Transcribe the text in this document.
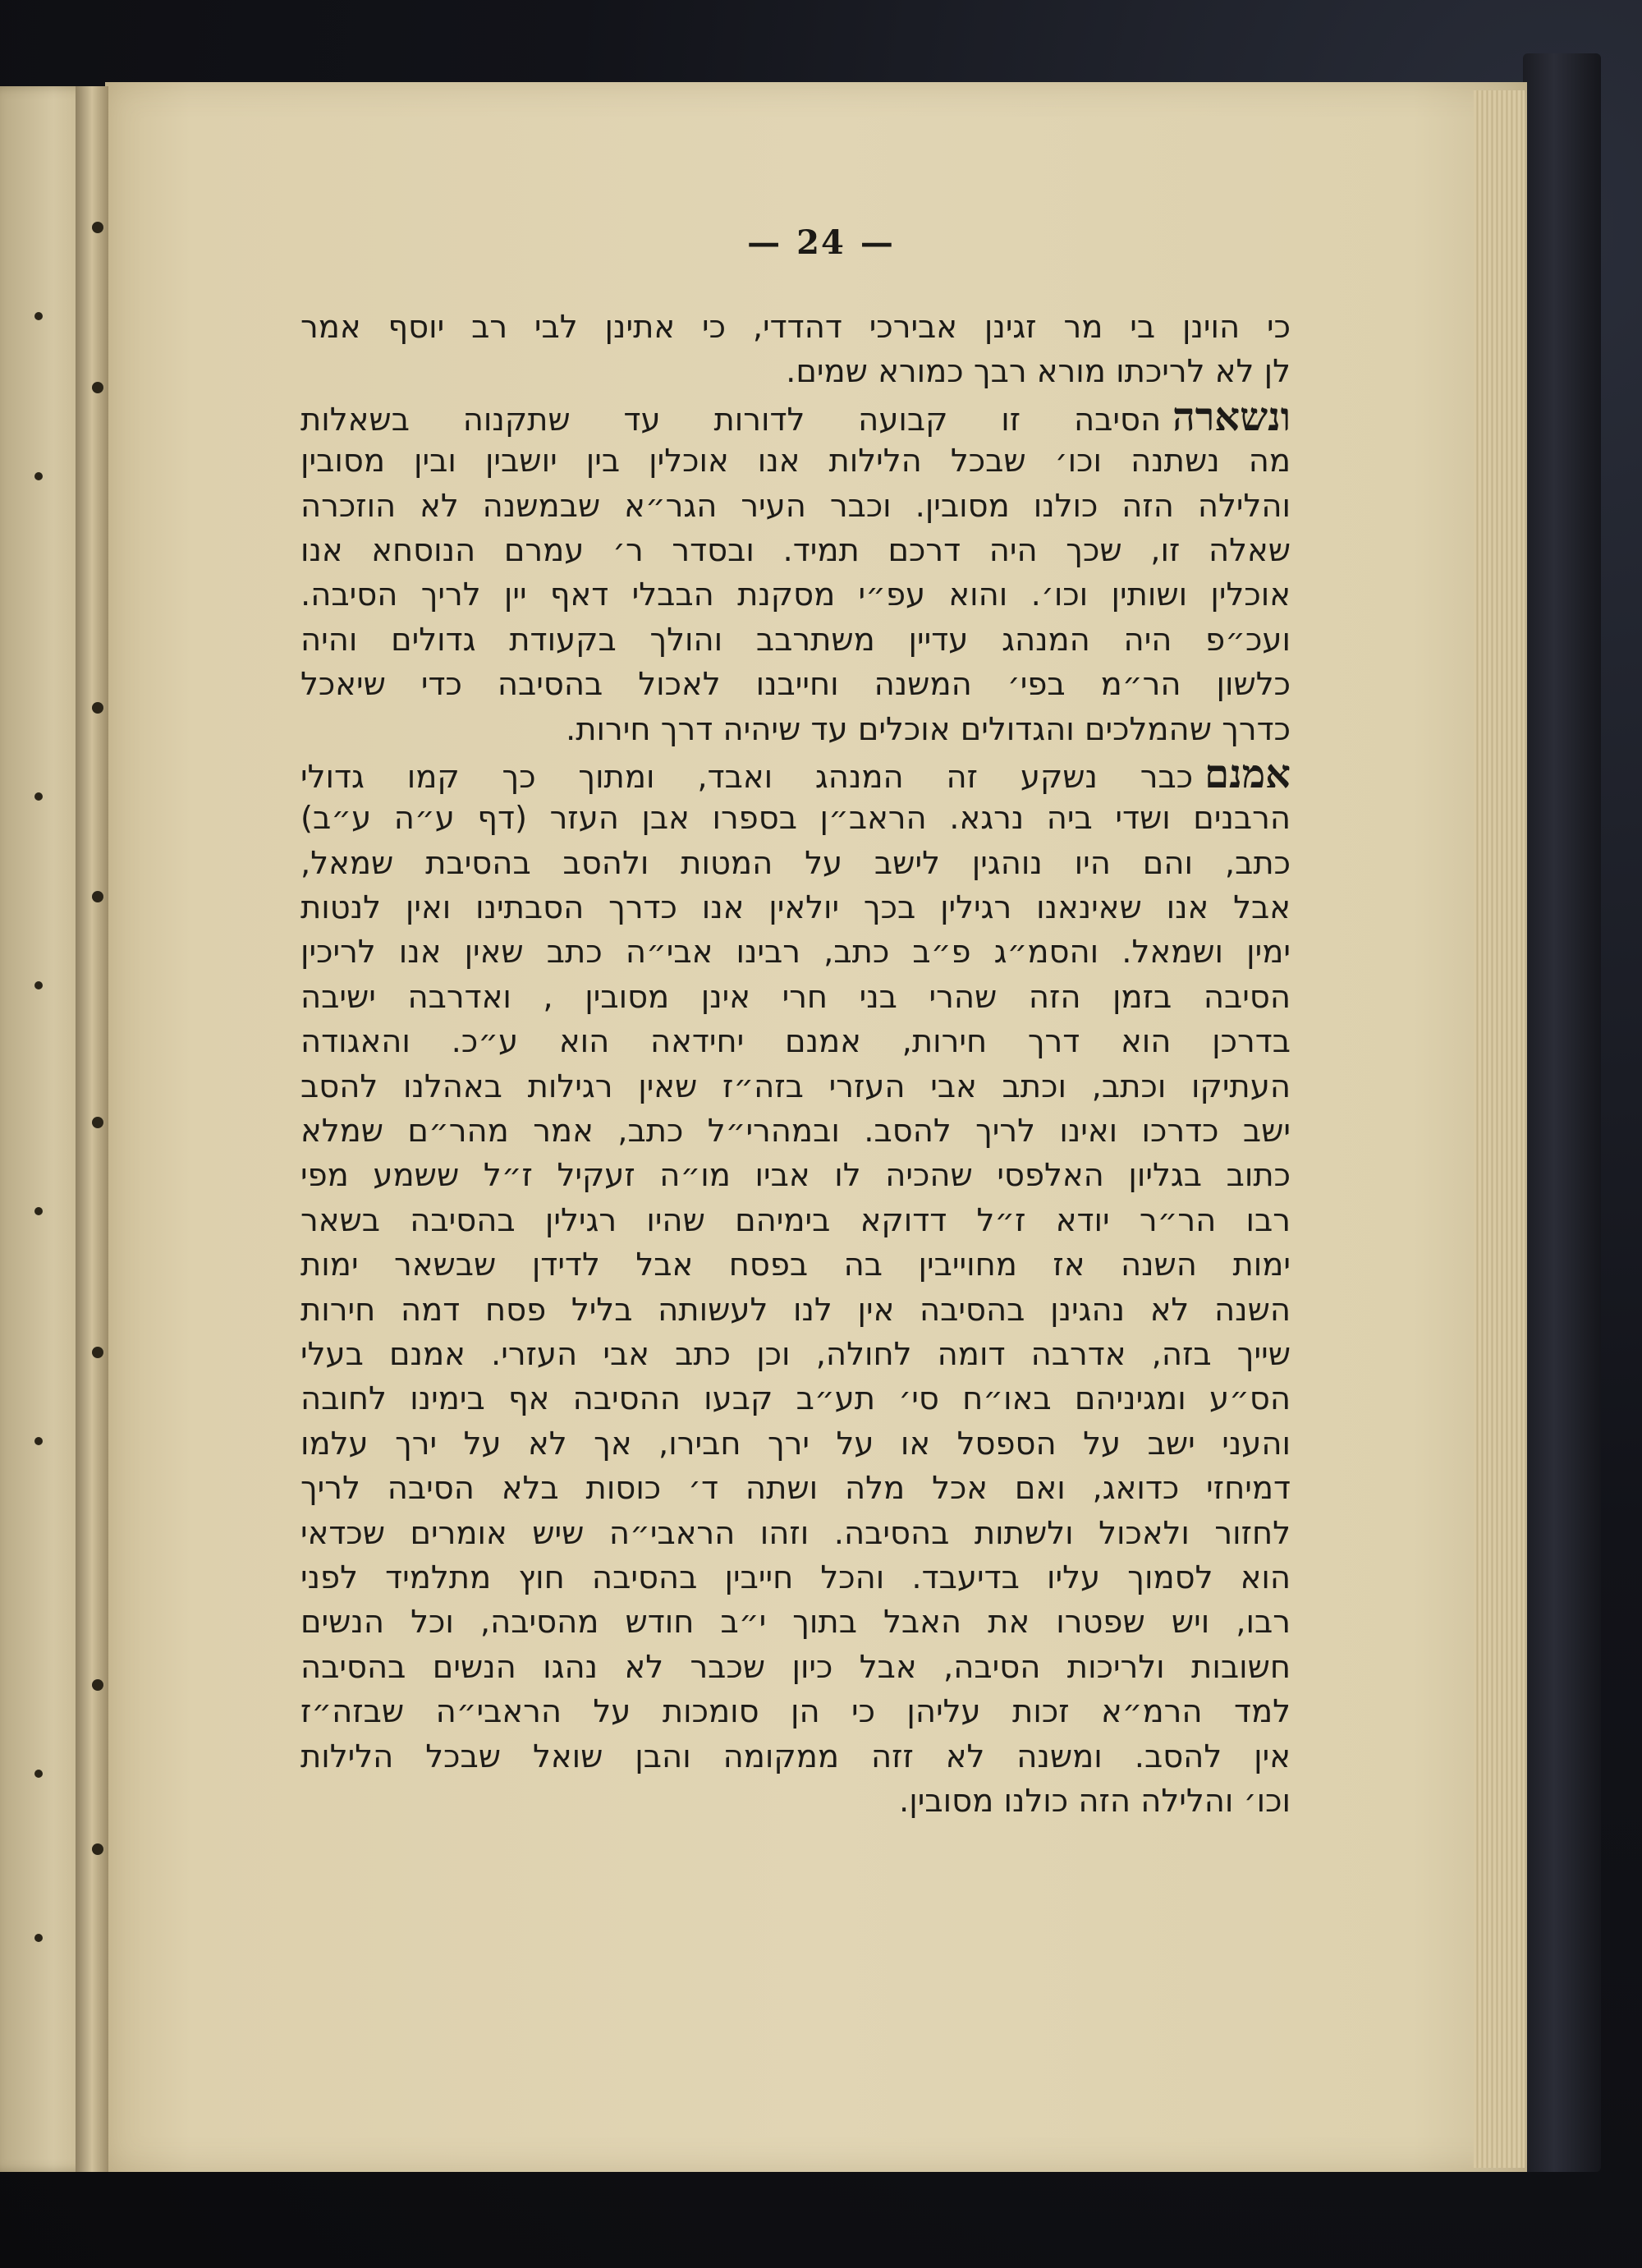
— 24 —
כי הוינן בי מר זגינן אבירכי דהדדי, כי אתינן לבי רב יוסף אמר
לן לא לריכתו מורא רבך כמורא שמים.
ונשארההסיבה זו קבועה לדורות עד שתקנוה בשאלות
מה נשתנה וכו׳ שבכל הלילות אנו אוכלין בין יושבין ובין מסובין
והלילה הזה כולנו מסובין. וכבר העיר הגר״א שבמשנה לא הוזכרה
שאלה זו, שכך היה דרכם תמיד. ובסדר ר׳ עמרם הנוסחא אנו
אוכלין ושותין וכו׳. והוא עפ״י מסקנת הבבלי דאף יין לריך הסיבה.
ועכ״פ היה המנהג עדיין משתרבב והולך בקעודת גדולים והיה
כלשון הר״מ בפי׳ המשנה וחייבנו לאכול בהסיבה כדי שיאכל
כדרך שהמלכים והגדולים אוכלים עד שיהיה דרך חירות.
אמנםכבר נשקע זה המנהג ואבד, ומתוך כך קמו גדולי
הרבנים ושדי ביה נרגא. הראב״ן בספרו אבן העזר (דף ע״ה ע״ב)
כתב, והם היו נוהגין לישב על המטות ולהסב בהסיבת שמאל,
אבל אנו שאינאנו רגילין בכך יולאין אנו כדרך הסבתינו ואין לנטות
ימין ושמאל. והסמ״ג פ״ב כתב, רבינו אבי״ה כתב שאין אנו לריכין
הסיבה בזמן הזה שהרי בני חרי אינן מסובין , ואדרבה ישיבה
בדרכן הוא דרך חירות, אמנם יחידאה הוא ע״כ. והאגודה
העתיקו וכתב, וכתב אבי העזרי בזה״ז שאין רגילות באהלנו להסב
ישב כדרכו ואינו לריך להסב. ובמהרי״ל כתב, אמר מהר״ם שמלא
כתוב בגליון האלפסי שהכיה לו אביו מו״ה זעקיל ז״ל ששמע מפי
רבו הר״ר יודא ז״ל דדוקא בימיהם שהיו רגילין בהסיבה בשאר
ימות השנה אז מחוייבין בה בפסח אבל לדידן שבשאר ימות
השנה לא נהגינן בהסיבה אין לנו לעשותה בליל פסח דמה חירות
שייך בזה, אדרבה דומה לחולה, וכן כתב אבי העזרי. אמנם בעלי
הס״ע ומגיניהם באו״ח סי׳ תע״ב קבעו ההסיבה אף בימינו לחובה
והעני ישב על הספסל או על ירך חבירו, אך לא על ירך עלמו
דמיחזי כדואג, ואם אכל מלה ושתה ד׳ כוסות בלא הסיבה לריך
לחזור ולאכול ולשתות בהסיבה. וזהו הראבי״ה שיש אומרים שכדאי
הוא לסמוך עליו בדיעבד. והכל חייבין בהסיבה חוץ מתלמיד לפני
רבו, ויש שפטרו את האבל בתוך י״ב חודש מהסיבה, וכל הנשים
חשובות ולריכות הסיבה, אבל כיון שכבר לא נהגו הנשים בהסיבה
למד הרמ״א זכות עליהן כי הן סומכות על הראבי״ה שבזה״ז
אין להסב. ומשנה לא זזה ממקומה והבן שואל שבכל הלילות
וכו׳ והלילה הזה כולנו מסובין.
